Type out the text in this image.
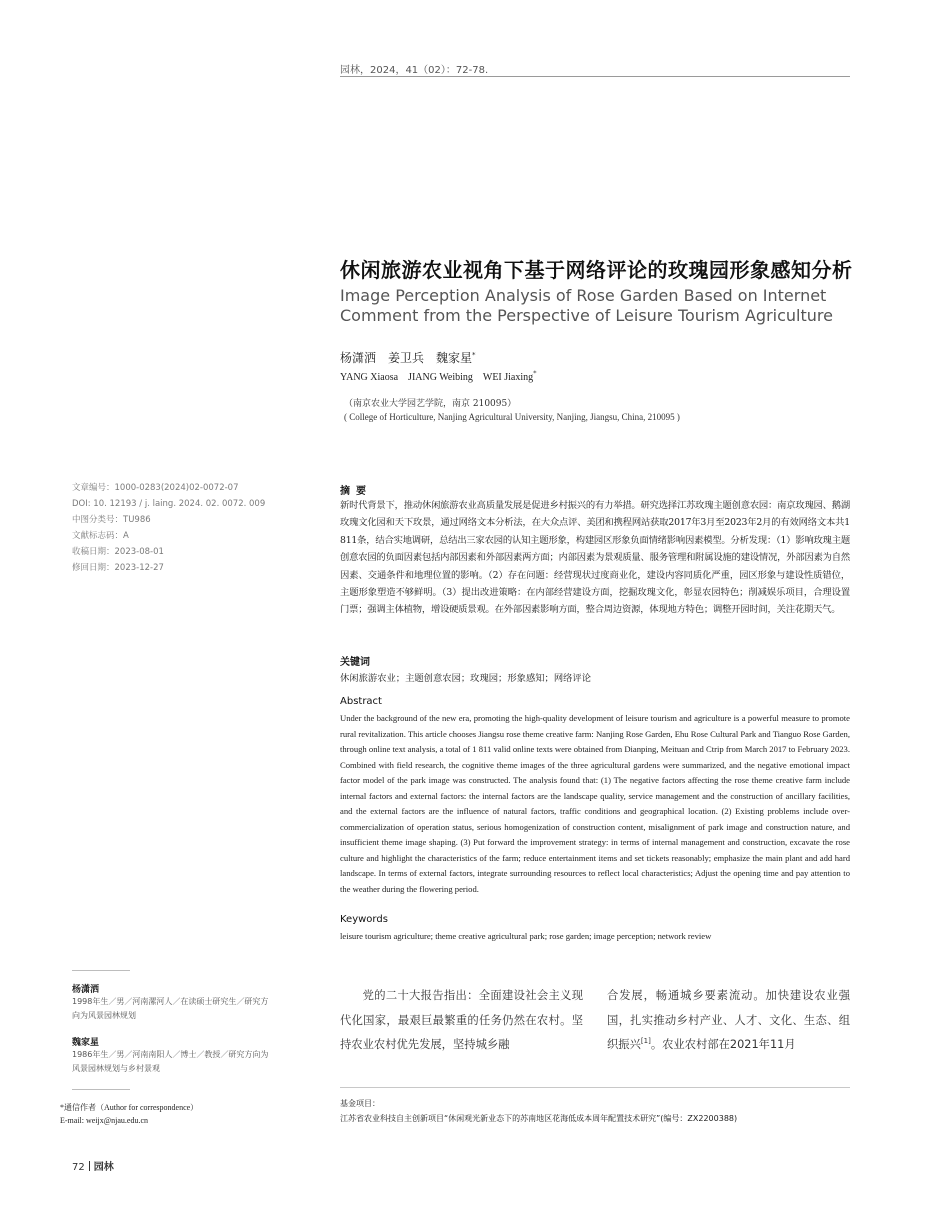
园林，2024，41（02）：72-78.
休闲旅游农业视角下基于网络评论的玫瑰园形象感知分析
Image Perception Analysis of Rose Garden Based on Internet Comment from the Perspective of Leisure Tourism Agriculture
杨潇洒　姜卫兵　魏家星*
YANG Xiaosa　JIANG Weibing　WEI Jiaxing*
（南京农业大学园艺学院，南京 210095）
( College of Horticulture, Nanjing Agricultural University, Nanjing, Jiangsu, China, 210095 )
文章编号：1000-0283(2024)02-0072-07
DOI: 10. 12193 / j. laing. 2024. 02. 0072. 009
中图分类号：TU986
文献标志码：A
收稿日期：2023-08-01
修回日期：2023-12-27
摘要
新时代背景下，推动休闲旅游农业高质量发展是促进乡村振兴的有力举措。研究选择江苏玫瑰主题创意农园：南京玫瑰园、鹅湖玫瑰文化园和天下玫景，通过网络文本分析法，在大众点评、美团和携程网站获取2017年3月至2023年2月的有效网络文本共1 811条，结合实地调研，总结出三家农园的认知主题形象，构建园区形象负面情绪影响因素模型。分析发现：（1）影响玫瑰主题创意农园的负面因素包括内部因素和外部因素两方面；内部因素为景观质量、服务管理和附属设施的建设情况，外部因素为自然因素、交通条件和地理位置的影响。（2）存在问题：经营现状过度商业化，建设内容同质化严重，园区形象与建设性质错位，主题形象塑造不够鲜明。（3）提出改进策略：在内部经营建设方面，挖掘玫瑰文化，彰显农园特色；削减娱乐项目，合理设置门票；强调主体植物，增设硬质景观。在外部因素影响方面，整合周边资源，体现地方特色；调整开园时间，关注花期天气。
关键词
休闲旅游农业；主题创意农园；玫瑰园；形象感知；网络评论
Abstract
Under the background of the new era, promoting the high-quality development of leisure tourism and agriculture is a powerful measure to promote rural revitalization. This article chooses Jiangsu rose theme creative farm: Nanjing Rose Garden, Ehu Rose Cultural Park and Tianguo Rose Garden, through online text analysis, a total of 1 811 valid online texts were obtained from Dianping, Meituan and Ctrip from March 2017 to February 2023. Combined with field research, the cognitive theme images of the three agricultural gardens were summarized, and the negative emotional impact factor model of the park image was constructed. The analysis found that: (1) The negative factors affecting the rose theme creative farm include internal factors and external factors: the internal factors are the landscape quality, service management and the construction of ancillary facilities, and the external factors are the influence of natural factors, traffic conditions and geographical location. (2) Existing problems include over-commercialization of operation status, serious homogenization of construction content, misalignment of park image and construction nature, and insufficient theme image shaping. (3) Put forward the improvement strategy: in terms of internal management and construction, excavate the rose culture and highlight the characteristics of the farm; reduce entertainment items and set tickets reasonably; emphasize the main plant and add hard landscape. In terms of external factors, integrate surrounding resources to reflect local characteristics; Adjust the opening time and pay attention to the weather during the flowering period.
Keywords
leisure tourism agriculture; theme creative agricultural park; rose garden; image perception; network review
杨潇洒
1998年生／男／河南漯河人／在读硕士研究生／研究方向为风景园林规划
魏家星
1986年生／男／河南南阳人／博士／教授／研究方向为风景园林规划与乡村景观
*通信作者（Author for correspondence）
E-mail: weijx@njau.edu.cn
党的二十大报告指出：全面建设社会主义现代化国家，最艰巨最繁重的任务仍然在农村。坚持农业农村优先发展，坚持城乡融
合发展，畅通城乡要素流动。加快建设农业强国，扎实推动乡村产业、人才、文化、生态、组织振兴[1]。农业农村部在2021年11月
基金项目：
江苏省农业科技自主创新项目“休闲观光新业态下的苏南地区花海低成本周年配置技术研究”(编号：ZX2200388)
72 园林
